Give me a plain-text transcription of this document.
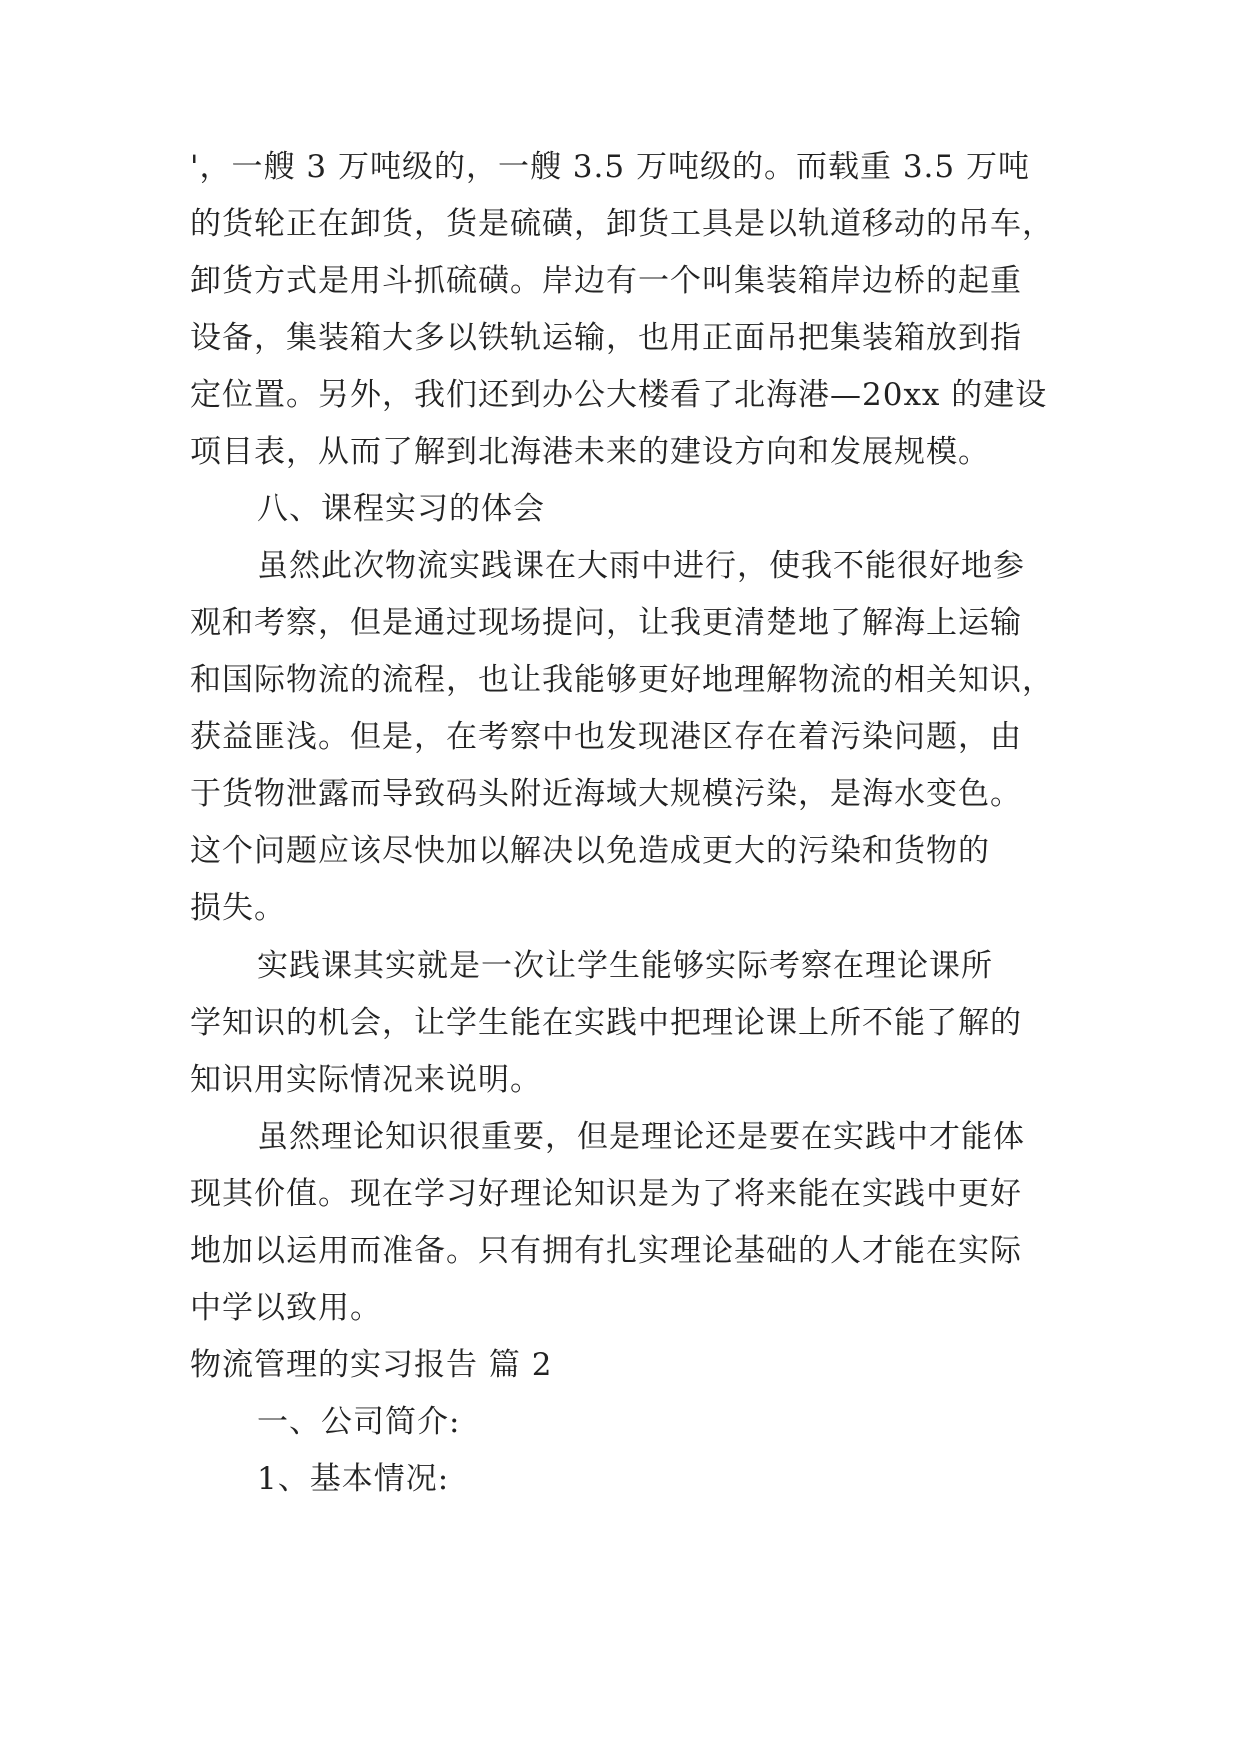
'，一艘 3 万吨级的，一艘 3.5 万吨级的。而载重 3.5 万吨
的货轮正在卸货，货是硫磺，卸货工具是以轨道移动的吊车，
卸货方式是用斗抓硫磺。岸边有一个叫集装箱岸边桥的起重
设备，集装箱大多以铁轨运输，也用正面吊把集装箱放到指
定位置。另外，我们还到办公大楼看了北海港—20xx 的建设
项目表，从而了解到北海港未来的建设方向和发展规模。
八、课程实习的体会
虽然此次物流实践课在大雨中进行，使我不能很好地参
观和考察，但是通过现场提问，让我更清楚地了解海上运输
和国际物流的流程，也让我能够更好地理解物流的相关知识，
获益匪浅。但是，在考察中也发现港区存在着污染问题，由
于货物泄露而导致码头附近海域大规模污染，是海水变色。
这个问题应该尽快加以解决以免造成更大的污染和货物的
损失。
实践课其实就是一次让学生能够实际考察在理论课所
学知识的机会，让学生能在实践中把理论课上所不能了解的
知识用实际情况来说明。
虽然理论知识很重要，但是理论还是要在实践中才能体
现其价值。现在学习好理论知识是为了将来能在实践中更好
地加以运用而准备。只有拥有扎实理论基础的人才能在实际
中学以致用。
物流管理的实习报告 篇 2
一、公司简介:
1、基本情况:
